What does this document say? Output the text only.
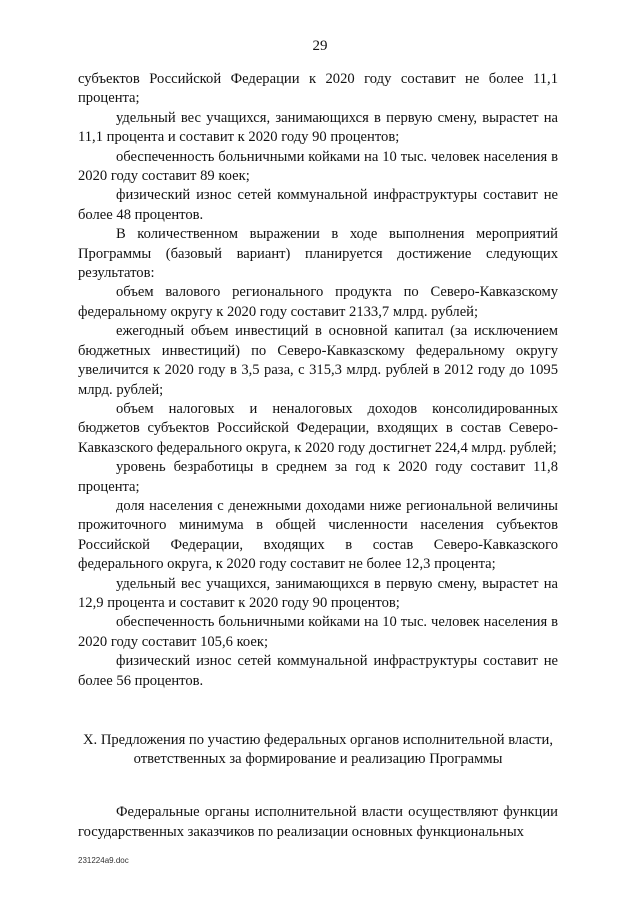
29

субъектов Российской Федерации к 2020 году составит не более 11,1 процента;

удельный вес учащихся, занимающихся в первую смену, вырастет на 11,1 процента и составит к 2020 году 90 процентов;

обеспеченность больничными койками на 10 тыс. человек населения в 2020 году составит 89 коек;

физический износ сетей коммунальной инфраструктуры составит не более 48 процентов.

В количественном выражении в ходе выполнения мероприятий Программы (базовый вариант) планируется достижение следующих результатов:

объем валового регионального продукта по Северо-Кавказскому федеральному округу к 2020 году составит 2133,7 млрд. рублей;

ежегодный объем инвестиций в основной капитал (за исключением бюджетных инвестиций) по Северо-Кавказскому федеральному округу увеличится к 2020 году в 3,5 раза, с 315,3 млрд. рублей в 2012 году до 1095 млрд. рублей;

объем налоговых и неналоговых доходов консолидированных бюджетов субъектов Российской Федерации, входящих в состав Северо-Кавказского федерального округа, к 2020 году достигнет 224,4 млрд. рублей;

уровень безработицы в среднем за год к 2020 году составит 11,8 процента;

доля населения с денежными доходами ниже региональной величины прожиточного минимума в общей численности населения субъектов Российской Федерации, входящих в состав Северо-Кавказского федерального округа, к 2020 году составит не более 12,3 процента;

удельный вес учащихся, занимающихся в первую смену, вырастет на 12,9 процента и составит к 2020 году 90 процентов;

обеспеченность больничными койками на 10 тыс. человек населения в 2020 году составит 105,6 коек;

физический износ сетей коммунальной инфраструктуры составит не более 56 процентов.

X. Предложения по участию федеральных органов исполнительной власти,
ответственных за формирование и реализацию Программы

Федеральные органы исполнительной власти осуществляют функции государственных заказчиков по реализации основных функциональных

231224a9.doc
